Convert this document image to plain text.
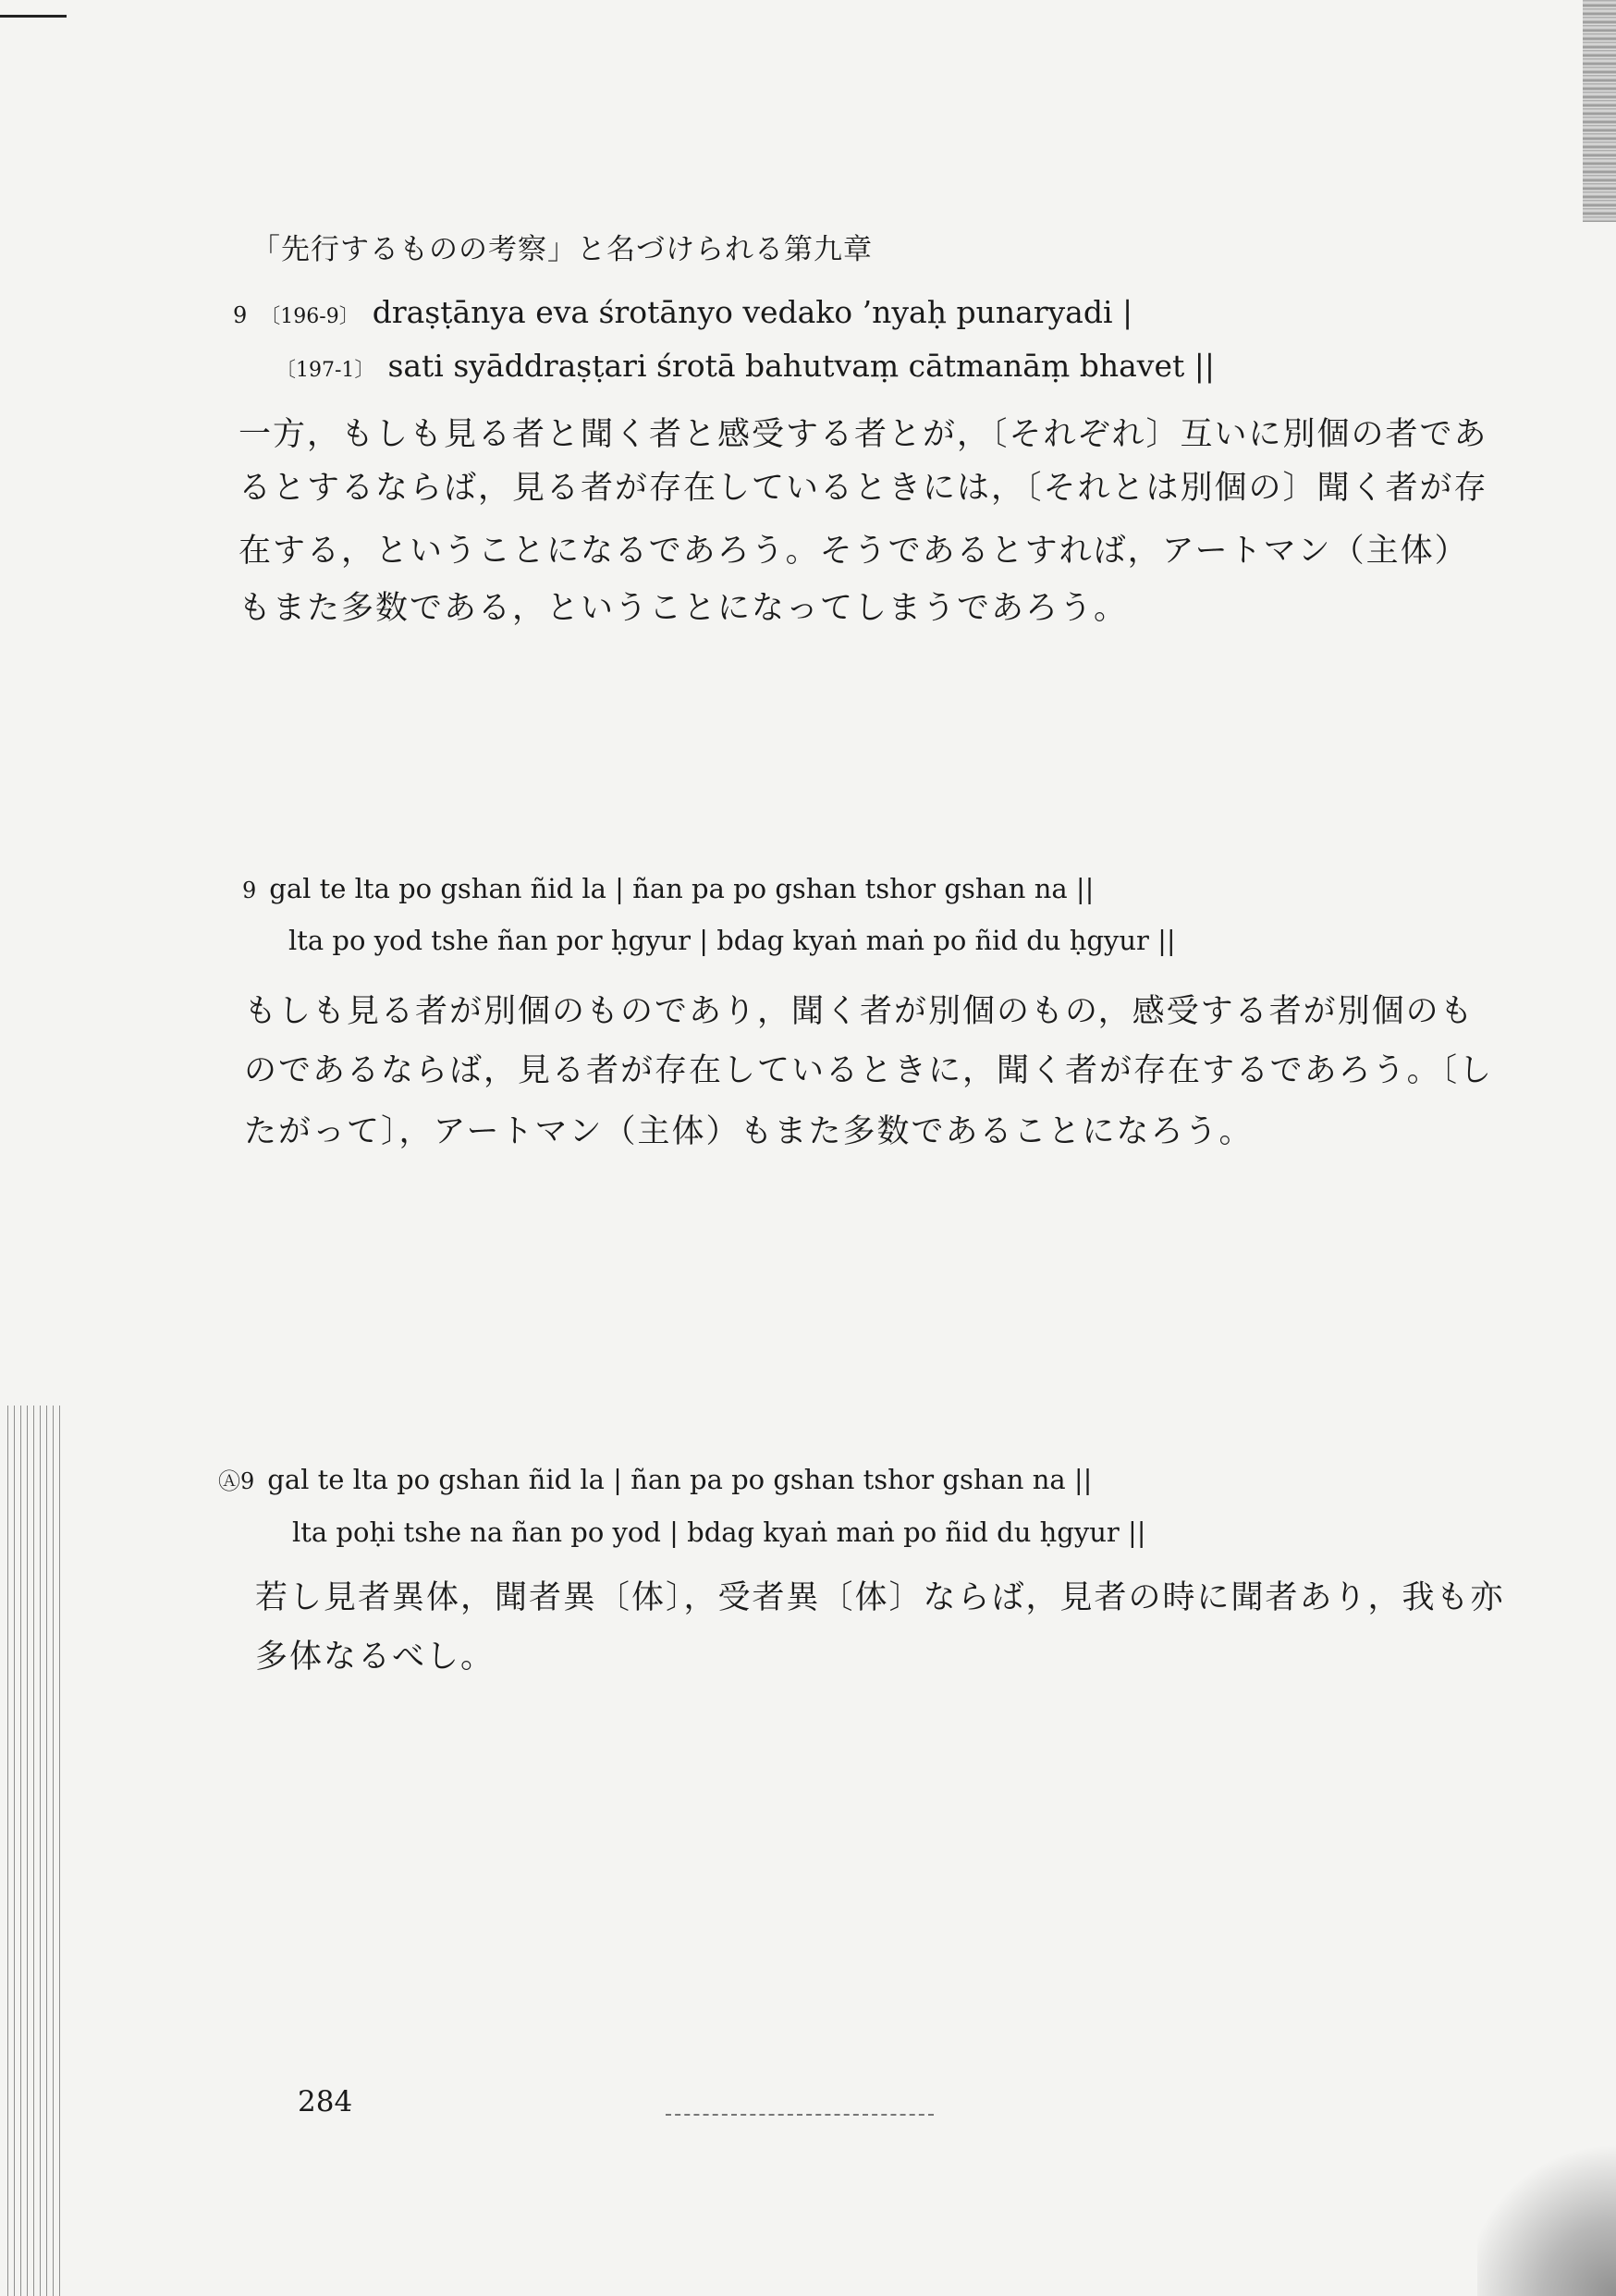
「先行するものの考察」と名づけられる第九章
9 〔196-9〕 draṣṭānya eva śrotānyo vedako ’nyaḥ punaryadi |
〔197-1〕 sati syāddraṣṭari śrotā bahutvaṃ cātmanāṃ bhavet ||
一方，もしも見る者と聞く者と感受する者とが，〔それぞれ〕互いに別個の者であ
るとするならば，見る者が存在しているときには，〔それとは別個の〕聞く者が存
在する，ということになるであろう。そうであるとすれば，アートマン（主体）
もまた多数である，ということになってしまうであろう。
9 gal te lta po gshan ñid la | ñan pa po gshan tshor gshan na ||
lta po yod tshe ñan por ḥgyur | bdag kyaṅ maṅ po ñid du ḥgyur ||
もしも見る者が別個のものであり，聞く者が別個のもの，感受する者が別個のも
のであるならば，見る者が存在しているときに，聞く者が存在するであろう。〔し
たがって〕，アートマン（主体）もまた多数であることになろう。
Ⓐ9 gal te lta po gshan ñid la | ñan pa po gshan tshor gshan na ||
lta poḥi tshe na ñan po yod | bdag kyaṅ maṅ po ñid du ḥgyur ||
若し見者異体，聞者異〔体〕，受者異〔体〕ならば，見者の時に聞者あり，我も亦
多体なるべし。
284
